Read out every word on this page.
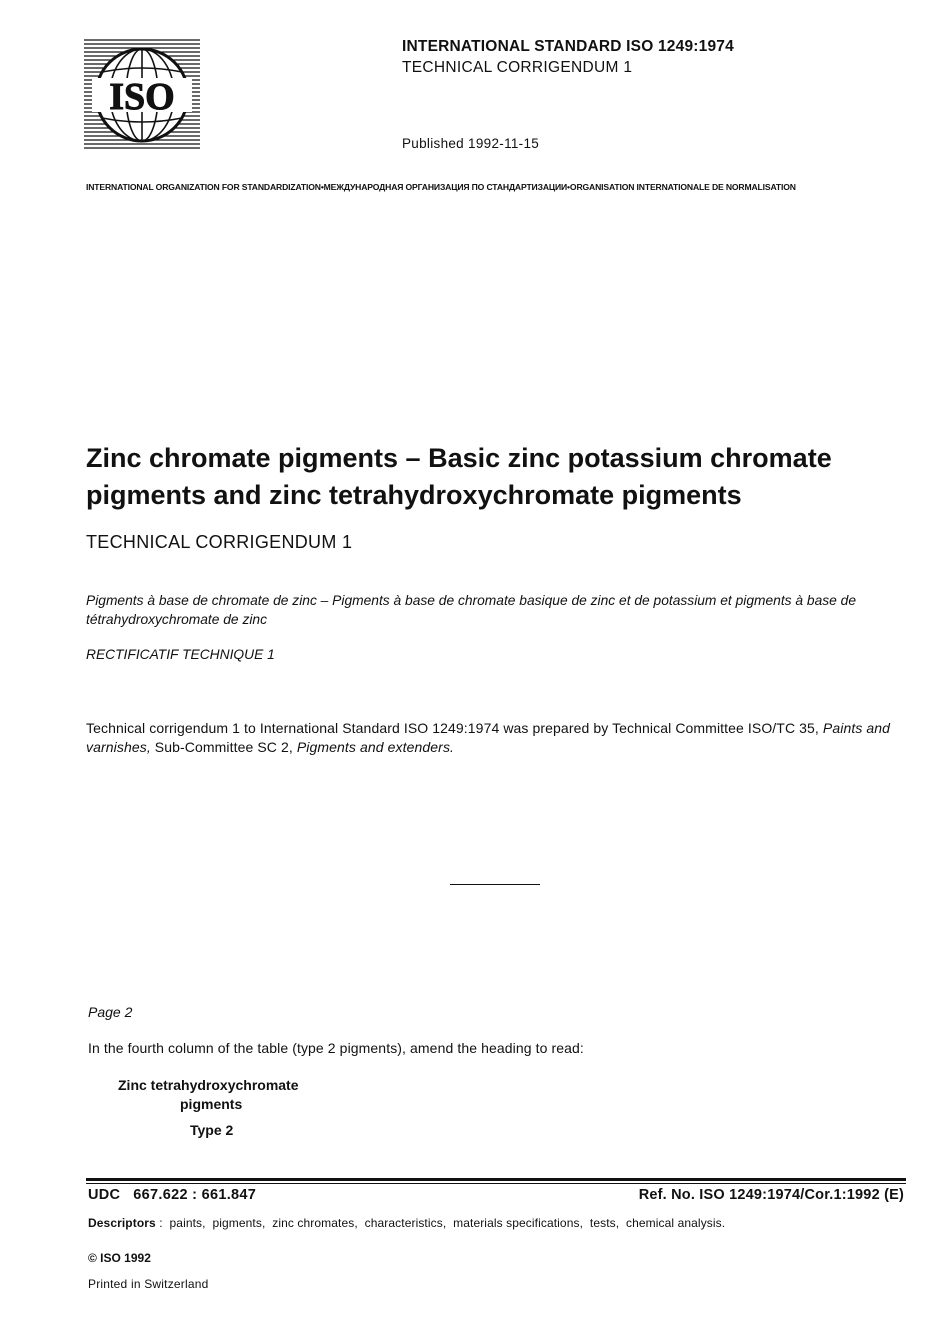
ISO
INTERNATIONAL STANDARD ISO 1249:1974
TECHNICAL CORRIGENDUM 1
Published 1992-11-15
INTERNATIONAL ORGANIZATION FOR STANDARDIZATION•МЕЖДУНАРОДНАЯ ОРГАНИЗАЦИЯ ПО СТАНДАРТИЗАЦИИ•ORGANISATION INTERNATIONALE DE NORMALISATION
Zinc chromate pigments – Basic zinc potassium chromate
pigments and zinc tetrahydroxychromate pigments
TECHNICAL CORRIGENDUM 1
Pigments à base de chromate de zinc – Pigments à base de chromate basique de zinc et de potassium et pigments à base de tétrahydroxychromate de zinc
RECTIFICATIF TECHNIQUE 1
Technical corrigendum 1 to International Standard ISO 1249:1974 was prepared by Technical Committee ISO/TC 35, Paints and varnishes, Sub-Committee SC 2, Pigments and extenders.
Page 2
In the fourth column of the table (type 2 pigments), amend the heading to read:
Zinc tetrahydroxychromate
pigments
Type 2
UDC   667.622 : 661.847	Ref. No. ISO 1249:1974/Cor.1:1992 (E)
Descriptors :  paints,  pigments,  zinc chromates,  characteristics,  materials specifications,  tests,  chemical analysis.
© ISO 1992
Printed in Switzerland
